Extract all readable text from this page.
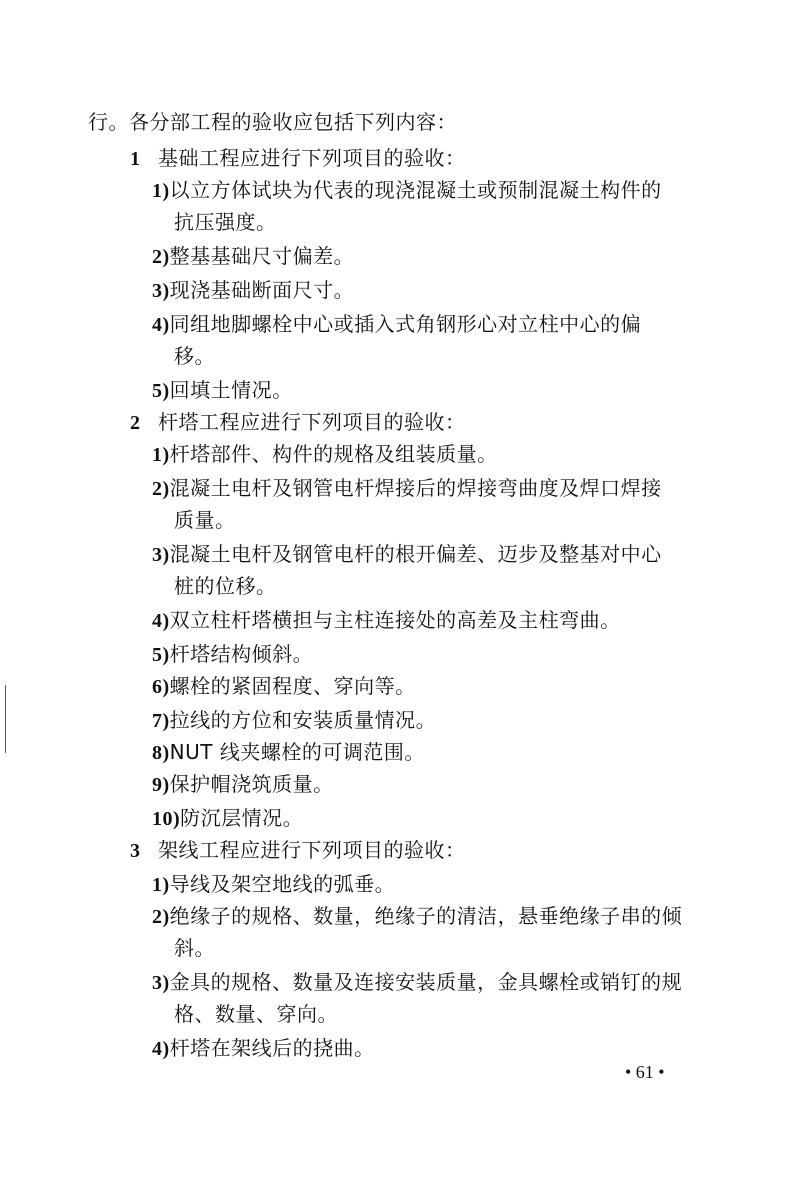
行。各分部工程的验收应包括下列内容：
1 基础工程应进行下列项目的验收：
1)以立方体试块为代表的现浇混凝土或预制混凝土构件的
抗压强度。
2)整基基础尺寸偏差。
3)现浇基础断面尺寸。
4)同组地脚螺栓中心或插入式角钢形心对立柱中心的偏
移。
5)回填土情况。
2 杆塔工程应进行下列项目的验收：
1)杆塔部件、构件的规格及组装质量。
2)混凝土电杆及钢管电杆焊接后的焊接弯曲度及焊口焊接
质量。
3)混凝土电杆及钢管电杆的根开偏差、迈步及整基对中心
桩的位移。
4)双立柱杆塔横担与主柱连接处的高差及主柱弯曲。
5)杆塔结构倾斜。
6)螺栓的紧固程度、穿向等。
7)拉线的方位和安装质量情况。
8)NUT 线夹螺栓的可调范围。
9)保护帽浇筑质量。
10)防沉层情况。
3 架线工程应进行下列项目的验收：
1)导线及架空地线的弧垂。
2)绝缘子的规格、数量，绝缘子的清洁，悬垂绝缘子串的倾
斜。
3)金具的规格、数量及连接安装质量，金具螺栓或销钉的规
格、数量、穿向。
4)杆塔在架线后的挠曲。
• 61 •
